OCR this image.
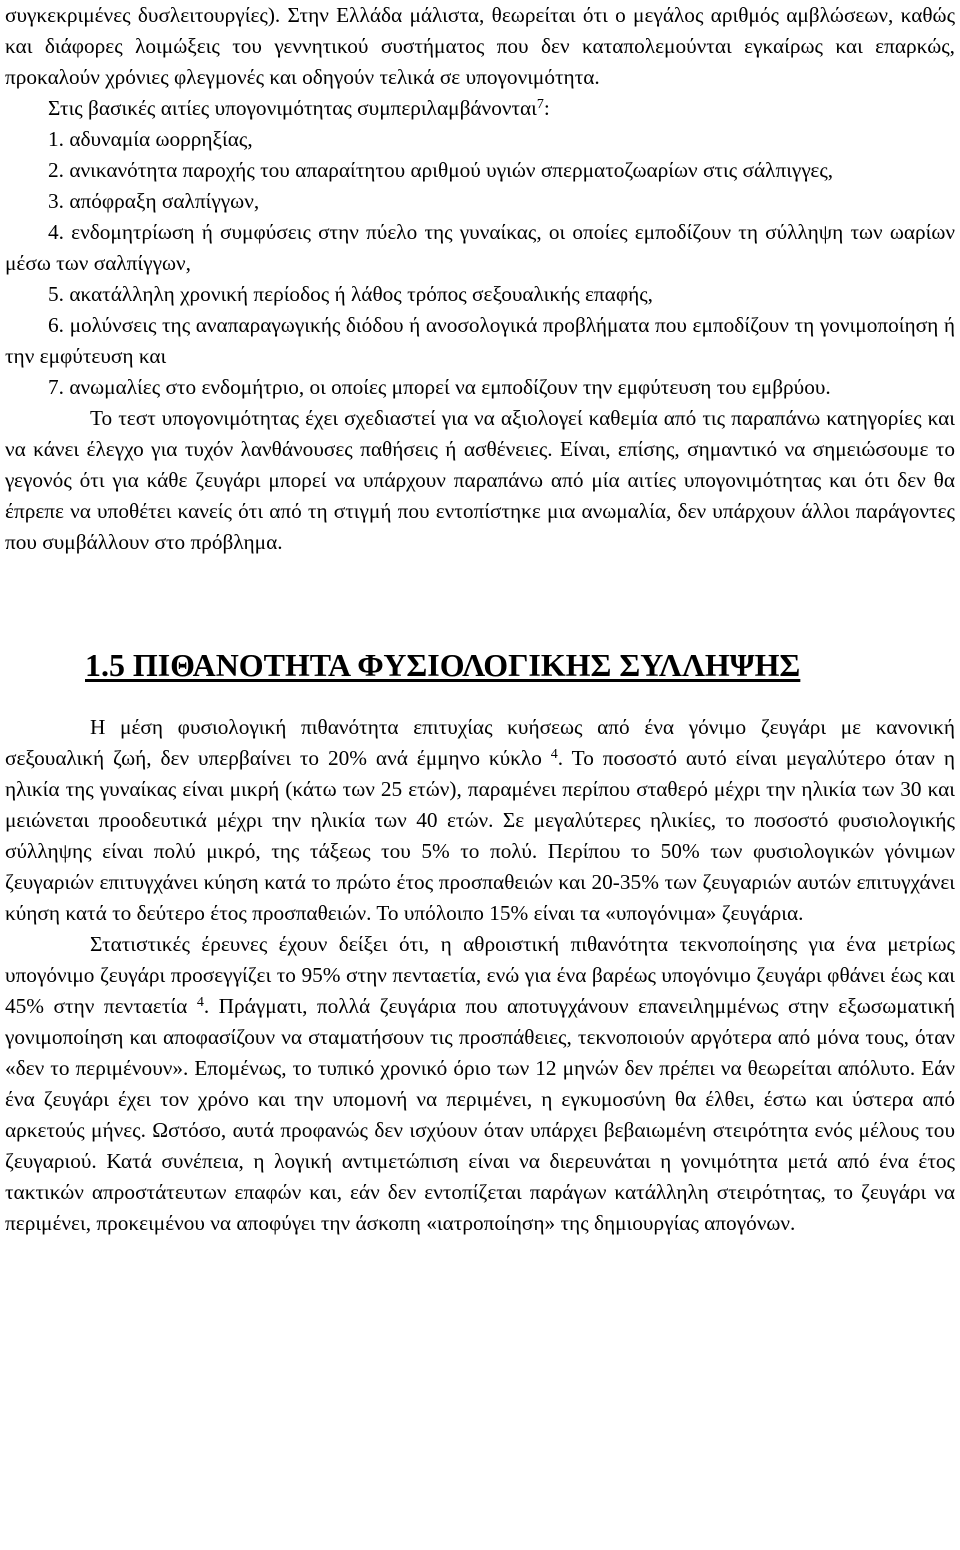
συγκεκριμένες δυσλειτουργίες). Στην Ελλάδα μάλιστα, θεωρείται ότι ο μεγάλος αριθμός αμβλώσεων, καθώς και διάφορες λοιμώξεις του γεννητικού συστήματος που δεν καταπολεμούνται εγκαίρως και επαρκώς, προκαλούν χρόνιες φλεγμονές και οδηγούν τελικά σε υπογονιμότητα.

Στις βασικές αιτίες υπογονιμότητας συμπεριλαμβάνονται$^7$:

1. αδυναμία ωορρηξίας,

2. ανικανότητα παροχής του απαραίτητου αριθμού υγιών σπερματοζωαρίων στις σάλπιγγες,

3. απόφραξη σαλπίγγων,

4. ενδομητρίωση ή συμφύσεις στην πύελο της γυναίκας, οι οποίες εμποδίζουν τη σύλληψη των ωαρίων μέσω των σαλπίγγων,

5. ακατάλληλη χρονική περίοδος ή λάθος τρόπος σεξουαλικής επαφής,

6. μολύνσεις της αναπαραγωγικής διόδου ή ανοσολογικά προβλήματα που εμποδίζουν τη γονιμοποίηση ή την εμφύτευση και

7. ανωμαλίες στο ενδομήτριο, οι οποίες μπορεί να εμποδίζουν την εμφύτευση του εμβρύου.

Το τεστ υπογονιμότητας έχει σχεδιαστεί για να αξιολογεί καθεμία από τις παραπάνω κατηγορίες και να κάνει έλεγχο για τυχόν λανθάνουσες παθήσεις ή ασθένειες. Είναι, επίσης, σημαντικό να σημειώσουμε το γεγονός ότι για κάθε ζευγάρι μπορεί να υπάρχουν παραπάνω από μία αιτίες υπογονιμότητας και ότι δεν θα έπρεπε να υποθέτει κανείς ότι από τη στιγμή που εντοπίστηκε μια ανωμαλία, δεν υπάρχουν άλλοι παράγοντες που συμβάλλουν στο πρόβλημα.

1.5 ΠΙΘΑΝΟΤΗΤΑ ΦΥΣΙΟΛΟΓΙΚΗΣ ΣΥΛΛΗΨΗΣ

Η μέση φυσιολογική πιθανότητα επιτυχίας κυήσεως από ένα γόνιμο ζευγάρι με κανονική σεξουαλική ζωή, δεν υπερβαίνει το 20% ανά έμμηνο κύκλο $^4$. Το ποσοστό αυτό είναι μεγαλύτερο όταν η ηλικία της γυναίκας είναι μικρή (κάτω των 25 ετών), παραμένει περίπου σταθερό μέχρι την ηλικία των 30 και μειώνεται προοδευτικά μέχρι την ηλικία των 40 ετών. Σε μεγαλύτερες ηλικίες, το ποσοστό φυσιολογικής σύλληψης είναι πολύ μικρό, της τάξεως του 5% το πολύ. Περίπου το 50% των φυσιολογικών γόνιμων ζευγαριών επιτυγχάνει κύηση κατά το πρώτο έτος προσπαθειών και 20-35% των ζευγαριών αυτών επιτυγχάνει κύηση κατά το δεύτερο έτος προσπαθειών. Το υπόλοιπο 15% είναι τα «υπογόνιμα» ζευγάρια.

Στατιστικές έρευνες έχουν δείξει ότι, η αθροιστική πιθανότητα τεκνοποίησης για ένα μετρίως υπογόνιμο ζευγάρι προσεγγίζει το 95% στην πενταετία, ενώ για ένα βαρέως υπογόνιμο ζευγάρι φθάνει έως και 45% στην πενταετία $^4$. Πράγματι, πολλά ζευγάρια που αποτυγχάνουν επανειλημμένως στην εξωσωματική γονιμοποίηση και αποφασίζουν να σταματήσουν τις προσπάθειες, τεκνοποιούν αργότερα από μόνα τους, όταν «δεν το περιμένουν». Επομένως, το τυπικό χρονικό όριο των 12 μηνών δεν πρέπει να θεωρείται απόλυτο. Εάν ένα ζευγάρι έχει τον χρόνο και την υπομονή να περιμένει, η εγκυμοσύνη θα έλθει, έστω και ύστερα από αρκετούς μήνες. Ωστόσο, αυτά προφανώς δεν ισχύουν όταν υπάρχει βεβαιωμένη στειρότητα ενός μέλους του ζευγαριού. Κατά συνέπεια, η λογική αντιμετώπιση είναι να διερευνάται η γονιμότητα μετά από ένα έτος τακτικών απροστάτευτων επαφών και, εάν δεν εντοπίζεται παράγων κατάλληλη στειρότητας, το ζευγάρι να περιμένει, προκειμένου να αποφύγει την άσκοπη «ιατροποίηση» της δημιουργίας απογόνων.
